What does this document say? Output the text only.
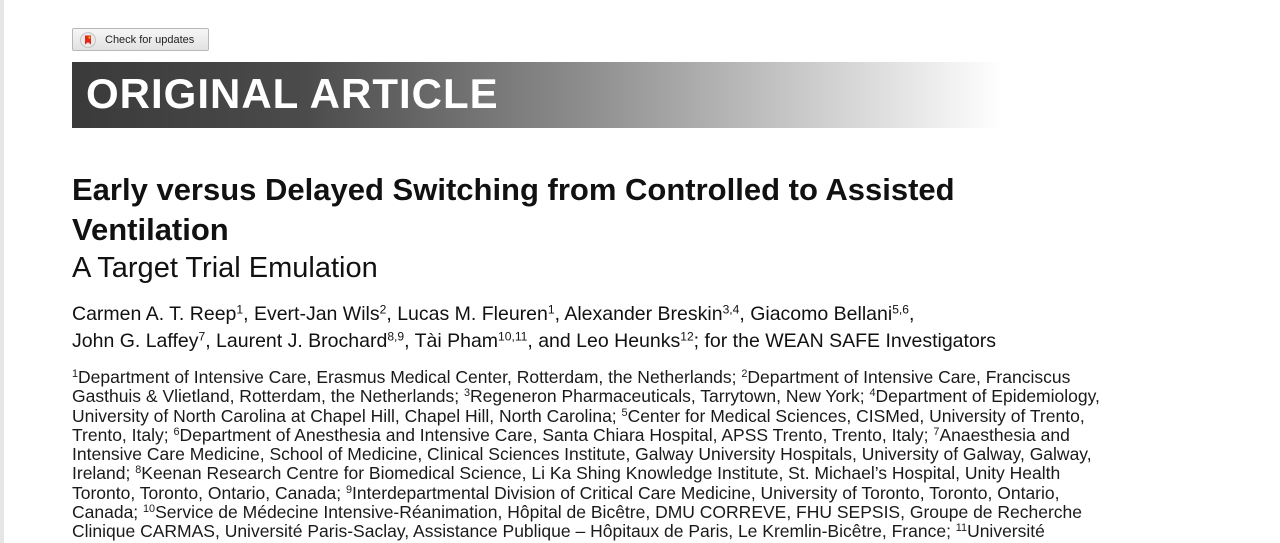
Check for updates
ORIGINAL ARTICLE
Early versus Delayed Switching from Controlled to Assisted
Ventilation
A Target Trial Emulation

Carmen A. T. Reep$^1$, Evert-Jan Wils$^2$, Lucas M. Fleuren$^1$, Alexander Breskin$^{3,4}$, Giacomo Bellani$^{5,6}$,
John G. Laffey$^7$, Laurent J. Brochard$^{8,9}$, Tài Pham$^{10,11}$, and Leo Heunks$^{12}$; for the WEAN SAFE Investigators

$^1$Department of Intensive Care, Erasmus Medical Center, Rotterdam, the Netherlands; $^2$Department of Intensive Care, Franciscus
Gasthuis & Vlietland, Rotterdam, the Netherlands; $^3$Regeneron Pharmaceuticals, Tarrytown, New York; $^4$Department of Epidemiology,
University of North Carolina at Chapel Hill, Chapel Hill, North Carolina; $^5$Center for Medical Sciences, CISMed, University of Trento,
Trento, Italy; $^6$Department of Anesthesia and Intensive Care, Santa Chiara Hospital, APSS Trento, Trento, Italy; $^7$Anaesthesia and
Intensive Care Medicine, School of Medicine, Clinical Sciences Institute, Galway University Hospitals, University of Galway, Galway,
Ireland; $^8$Keenan Research Centre for Biomedical Science, Li Ka Shing Knowledge Institute, St. Michael’s Hospital, Unity Health
Toronto, Toronto, Ontario, Canada; $^9$Interdepartmental Division of Critical Care Medicine, University of Toronto, Toronto, Ontario,
Canada; $^{10}$Service de Médecine Intensive-Réanimation, Hôpital de Bicêtre, DMU CORREVE, FHU SEPSIS, Groupe de Recherche
Clinique CARMAS, Université Paris-Saclay, Assistance Publique – Hôpitaux de Paris, Le Kremlin-Bicêtre, France; $^{11}$Université
